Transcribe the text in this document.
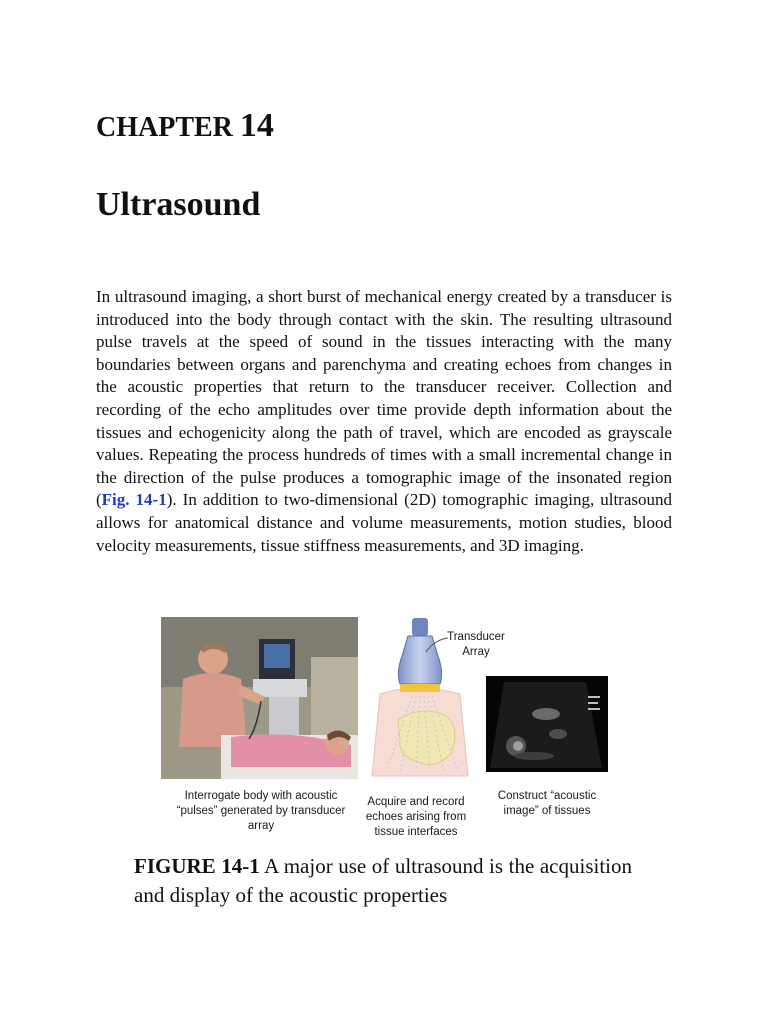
CHAPTER 14
Ultrasound

In ultrasound imaging, a short burst of mechanical energy created by a transducer is introduced into the body through contact with the skin. The resulting ultrasound pulse travels at the speed of sound in the tissues interacting with the many boundaries between organs and parenchyma and creating echoes from changes in the acoustic properties that return to the transducer receiver. Collection and recording of the echo amplitudes over time provide depth information about the tissues and echogenicity along the path of travel, which are encoded as grayscale values. Repeating the process hundreds of times with a small incremental change in the direction of the pulse produces a tomographic image of the insonated region (Fig. 14-1). In addition to two-dimensional (2D) tomographic imaging, ultrasound allows for anatomical distance and volume measurements, motion studies, blood velocity measurements, tissue stiffness measurements, and 3D imaging.

Transducer Array
Interrogate body with acoustic “pulses” generated by transducer array
Acquire and record echoes arising from tissue interfaces
Construct “acoustic image” of tissues

FIGURE 14-1 A major use of ultrasound is the acquisition and display of the acoustic properties
